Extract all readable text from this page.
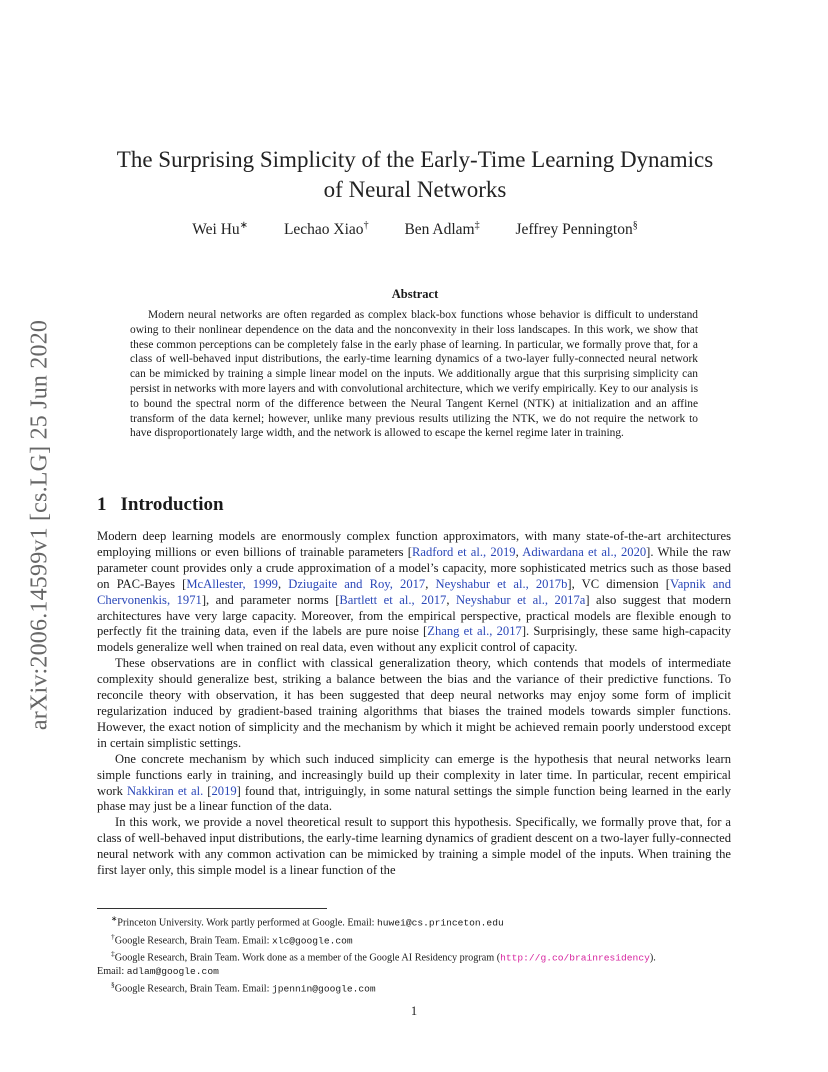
arXiv:2006.14599v1 [cs.LG] 25 Jun 2020
The Surprising Simplicity of the Early-Time Learning Dynamics
of Neural Networks
Wei Hu∗ Lechao Xiao† Ben Adlam‡ Jeffrey Pennington§
Abstract
Modern neural networks are often regarded as complex black-box functions whose behavior is difficult to understand owing to their nonlinear dependence on the data and the nonconvexity in their loss landscapes. In this work, we show that these common perceptions can be completely false in the early phase of learning. In particular, we formally prove that, for a class of well-behaved input distributions, the early-time learning dynamics of a two-layer fully-connected neural network can be mimicked by training a simple linear model on the inputs. We additionally argue that this surprising simplicity can persist in networks with more layers and with convolutional architecture, which we verify empirically. Key to our analysis is to bound the spectral norm of the difference between the Neural Tangent Kernel (NTK) at initialization and an affine transform of the data kernel; however, unlike many previous results utilizing the NTK, we do not require the network to have disproportionately large width, and the network is allowed to escape the kernel regime later in training.
1 Introduction

Modern deep learning models are enormously complex function approximators, with many state-of-the-art architectures employing millions or even billions of trainable parameters [Radford et al., 2019, Adiwardana et al., 2020]. While the raw parameter count provides only a crude approximation of a model’s capacity, more sophisticated metrics such as those based on PAC-Bayes [McAllester, 1999, Dziugaite and Roy, 2017, Neyshabur et al., 2017b], VC dimension [Vapnik and Chervonenkis, 1971], and parameter norms [Bartlett et al., 2017, Neyshabur et al., 2017a] also suggest that modern architectures have very large capacity. Moreover, from the empirical perspective, practical models are flexible enough to perfectly fit the training data, even if the labels are pure noise [Zhang et al., 2017]. Surprisingly, these same high-capacity models generalize well when trained on real data, even without any explicit control of capacity.

These observations are in conflict with classical generalization theory, which contends that models of intermediate complexity should generalize best, striking a balance between the bias and the variance of their predictive functions. To reconcile theory with observation, it has been suggested that deep neural networks may enjoy some form of implicit regularization induced by gradient-based training algorithms that biases the trained models towards simpler functions. However, the exact notion of simplicity and the mechanism by which it might be achieved remain poorly understood except in certain simplistic settings.

One concrete mechanism by which such induced simplicity can emerge is the hypothesis that neural networks learn simple functions early in training, and increasingly build up their complexity in later time. In particular, recent empirical work Nakkiran et al. [2019] found that, intriguingly, in some natural settings the simple function being learned in the early phase may just be a linear function of the data.

In this work, we provide a novel theoretical result to support this hypothesis. Specifically, we formally prove that, for a class of well-behaved input distributions, the early-time learning dynamics of gradient descent on a two-layer fully-connected neural network with any common activation can be mimicked by training a simple model of the inputs. When training the first layer only, this simple model is a linear function of the

∗Princeton University. Work partly performed at Google. Email: huwei@cs.princeton.edu
†Google Research, Brain Team. Email: xlc@google.com
‡Google Research, Brain Team. Work done as a member of the Google AI Residency program (http://g.co/brainresidency).
Email: adlam@google.com
§Google Research, Brain Team. Email: jpennin@google.com
1
